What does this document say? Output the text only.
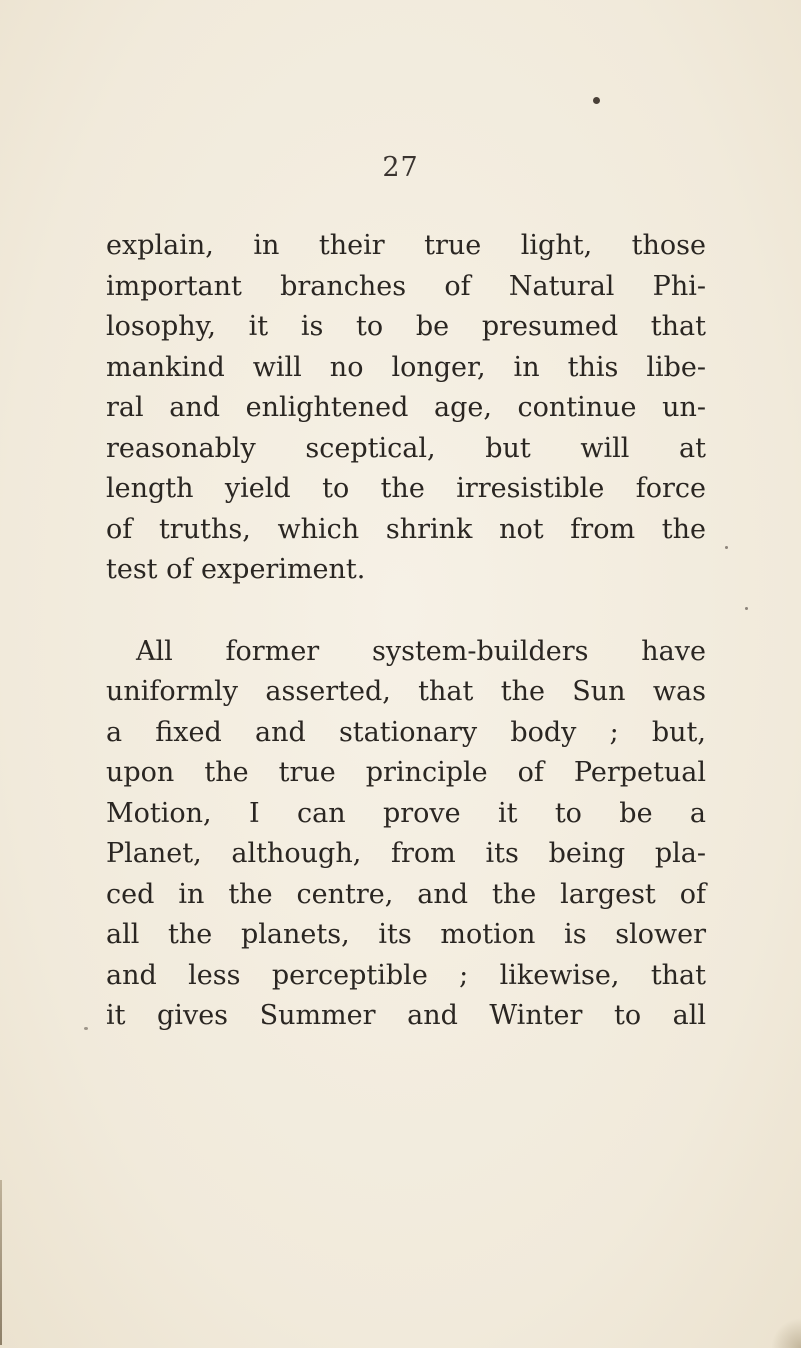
27
explain, in their true light, those
important branches of Natural Phi-
losophy, it is to be presumed that
mankind will no longer, in this libe-
ral and enlightened age, continue un-
reasonably sceptical, but will at
length yield to the irresistible force
of truths, which shrink not from the
test of experiment.
All former system-builders have
uniformly asserted, that the Sun was
a fixed and stationary body ; but,
upon the true principle of Perpetual
Motion, I can prove it to be a
Planet, although, from its being pla-
ced in the centre, and the largest of
all the planets, its motion is slower
and less perceptible ; likewise, that
it gives Summer and Winter to all
